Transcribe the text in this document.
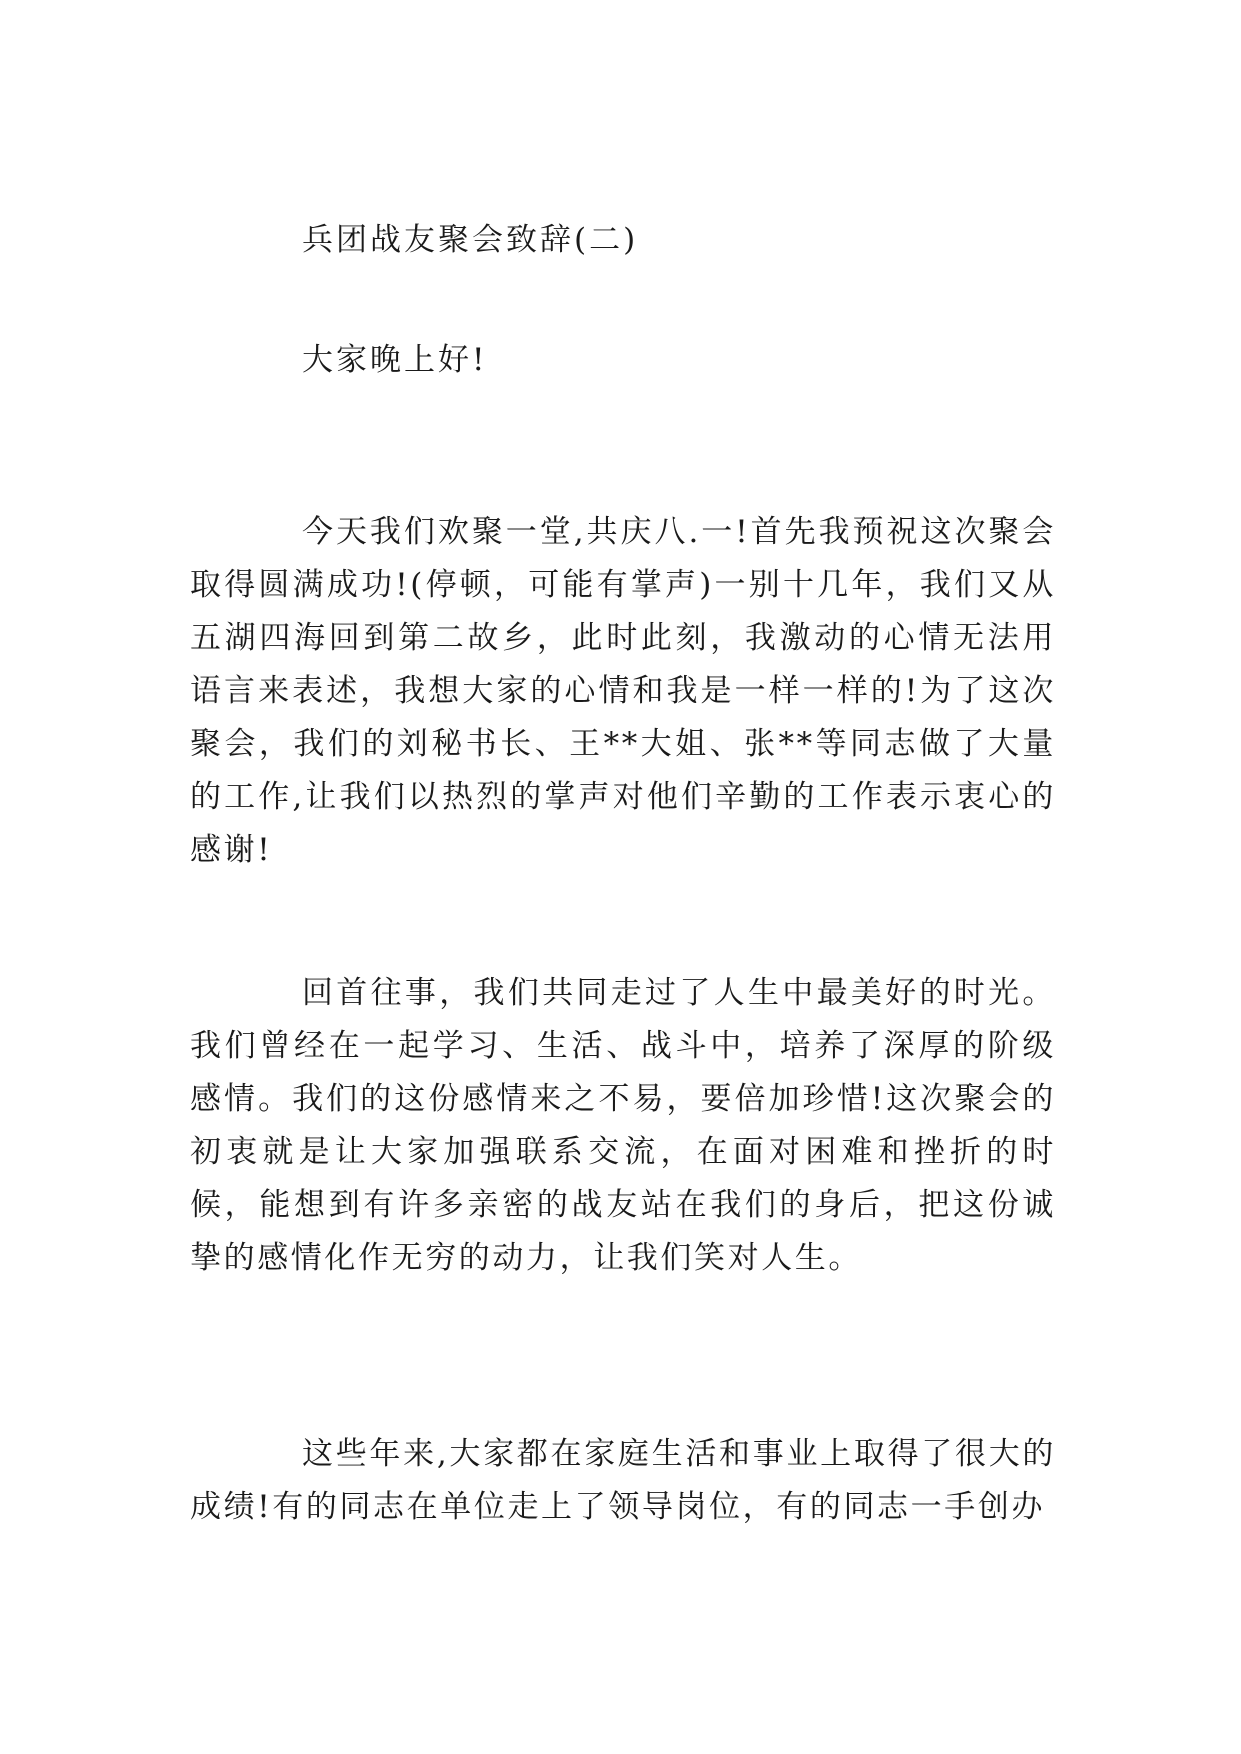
兵团战友聚会致辞(二)
大家晚上好!
今天我们欢聚一堂,共庆八.一!首先我预祝这次聚会取得圆满成功!(停顿，可能有掌声)一别十几年，我们又从五湖四海回到第二故乡，此时此刻，我激动的心情无法用语言来表述，我想大家的心情和我是一样一样的!为了这次聚会，我们的刘秘书长、王**大姐、张**等同志做了大量的工作,让我们以热烈的掌声对他们辛勤的工作表示衷心的感谢!
回首往事，我们共同走过了人生中最美好的时光。我们曾经在一起学习、生活、战斗中，培养了深厚的阶级感情。我们的这份感情来之不易，要倍加珍惜!这次聚会的初衷就是让大家加强联系交流，在面对困难和挫折的时候，能想到有许多亲密的战友站在我们的身后，把这份诚挚的感情化作无穷的动力，让我们笑对人生。
这些年来,大家都在家庭生活和事业上取得了很大的成绩!有的同志在单位走上了领导岗位，有的同志一手创办
